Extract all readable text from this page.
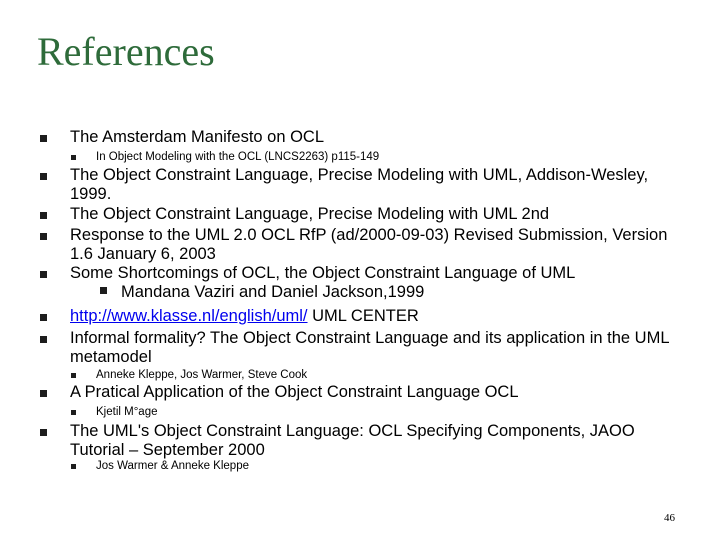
References
The Amsterdam Manifesto on OCL
In Object Modeling with the OCL (LNCS2263) p115-149
The Object Constraint Language, Precise Modeling with UML, Addison-Wesley, 1999.
The Object Constraint Language, Precise Modeling with UML 2nd
Response to the UML 2.0 OCL RfP (ad/2000-09-03) Revised Submission, Version 1.6 January 6, 2003
Some Shortcomings of OCL, the Object Constraint Language of UML
Mandana Vaziri and Daniel Jackson,1999
http://www.klasse.nl/english/uml/ UML CENTER
Informal formality? The Object Constraint Language and its application in the UML metamodel
Anneke Kleppe, Jos Warmer, Steve Cook
A Pratical Application of the Object Constraint Language OCL
Kjetil M°age
The UML's Object Constraint Language: OCL Specifying Components, JAOO Tutorial – September 2000
Jos Warmer & Anneke Kleppe
46
